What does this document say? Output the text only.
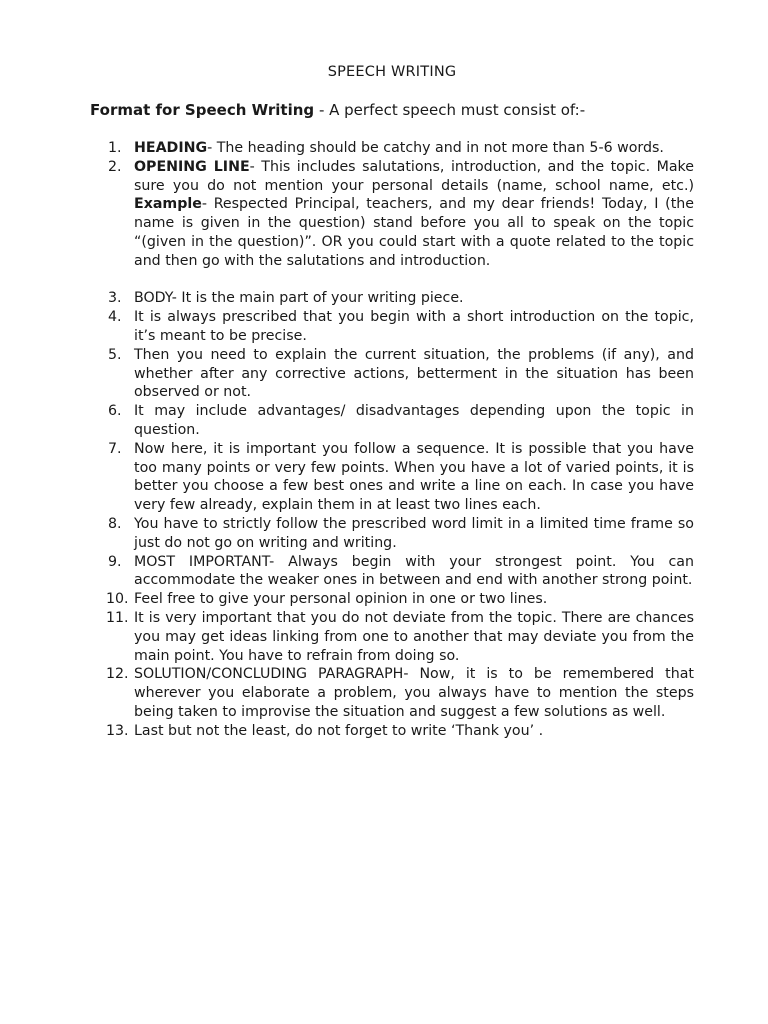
SPEECH WRITING
Format for Speech Writing - A perfect speech must consist of:-
1. HEADING- The heading should be catchy and in not more than 5-6 words.
2. OPENING LINE- This includes salutations, introduction, and the topic. Make sure you do not mention your personal details (name, school name, etc.) Example- Respected Principal, teachers, and my dear friends! Today, I (the name is given in the question) stand before you all to speak on the topic “(given in the question)”. OR you could start with a quote related to the topic and then go with the salutations and introduction.
3. BODY- It is the main part of your writing piece.
4. It is always prescribed that you begin with a short introduction on the topic, it’s meant to be precise.
5. Then you need to explain the current situation, the problems (if any), and whether after any corrective actions, betterment in the situation has been observed or not.
6. It may include advantages/ disadvantages depending upon the topic in question.
7. Now here, it is important you follow a sequence. It is possible that you have too many points or very few points. When you have a lot of varied points, it is better you choose a few best ones and write a line on each. In case you have very few already, explain them in at least two lines each.
8. You have to strictly follow the prescribed word limit in a limited time frame so just do not go on writing and writing.
9. MOST IMPORTANT- Always begin with your strongest point. You can accommodate the weaker ones in between and end with another strong point.
10. Feel free to give your personal opinion in one or two lines.
11. It is very important that you do not deviate from the topic. There are chances you may get ideas linking from one to another that may deviate you from the main point. You have to refrain from doing so.
12. SOLUTION/CONCLUDING PARAGRAPH- Now, it is to be remembered that wherever you elaborate a problem, you always have to mention the steps being taken to improvise the situation and suggest a few solutions as well.
13. Last but not the least, do not forget to write ‘Thank you’ .
